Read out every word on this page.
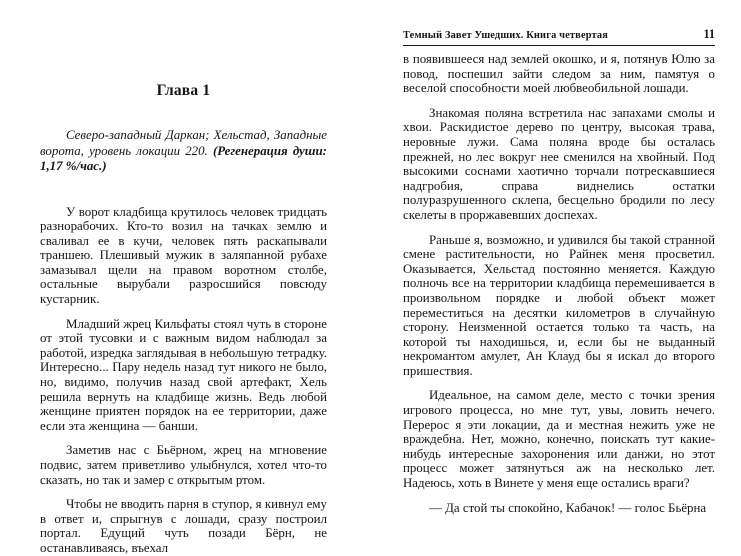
Глава 1

Северо-западный Даркан; Хельстад, Западные ворота, уровень локации 220. (Регенерация души: 1,17 %/час.)

У ворот кладбища крутилось человек тридцать разнорабочих. Кто-то возил на тачках землю и сваливал ее в кучи, человек пять раскапывали траншею. Плешивый мужик в заляпанной рубахе замазывал щели на правом воротном столбе, остальные вырубали разросшийся повсюду кустарник.

Младший жрец Кильфаты стоял чуть в стороне от этой тусовки и с важным видом наблюдал за работой, изредка заглядывая в небольшую тетрадку. Интересно... Пару недель назад тут никого не было, но, видимо, получив назад свой артефакт, Хель решила вернуть на кладбище жизнь. Ведь любой женщине приятен порядок на ее территории, даже если эта женщина — банши.

Заметив нас с Бьёрном, жрец на мгновение подвис, затем приветливо улыбнулся, хотел что-то сказать, но так и замер с открытым ртом.

Чтобы не вводить парня в ступор, я кивнул ему в ответ и, спрыгнув с лошади, сразу построил портал. Едущий чуть позади Бёрн, не останавливаясь, въехал

Темный Завет Ушедших. Книга четвертая	11

в появившееся над землей окошко, и я, потянув Юлю за повод, поспешил зайти следом за ним, памятуя о веселой способности моей любвеобильной лошади.

Знакомая поляна встретила нас запахами смолы и хвои. Раскидистое дерево по центру, высокая трава, неровные лужи. Сама поляна вроде бы осталась прежней, но лес вокруг нее сменился на хвойный. Под высокими соснами хаотично торчали потрескавшиеся надгробия, справа виднелись остатки полуразрушенного склепа, бесцельно бродили по лесу скелеты в проржавевших доспехах.

Раньше я, возможно, и удивился бы такой странной смене растительности, но Райнек меня просветил. Оказывается, Хельстад постоянно меняется. Каждую полночь все на территории кладбища перемешивается в произвольном порядке и любой объект может переместиться на десятки километров в случайную сторону. Неизменной остается только та часть, на которой ты находишься, и, если бы не выданный некромантом амулет, Ан Клауд бы я искал до второго пришествия.

Идеальное, на самом деле, место с точки зрения игрового процесса, но мне тут, увы, ловить нечего. Перерос я эти локации, да и местная нежить уже не враждебна. Нет, можно, конечно, поискать тут какие-нибудь интересные захоронения или данжи, но этот процесс может затянуться аж на несколько лет. Надеюсь, хоть в Винете у меня еще остались враги?

— Да стой ты спокойно, Кабачок! — голос Бьёрна
